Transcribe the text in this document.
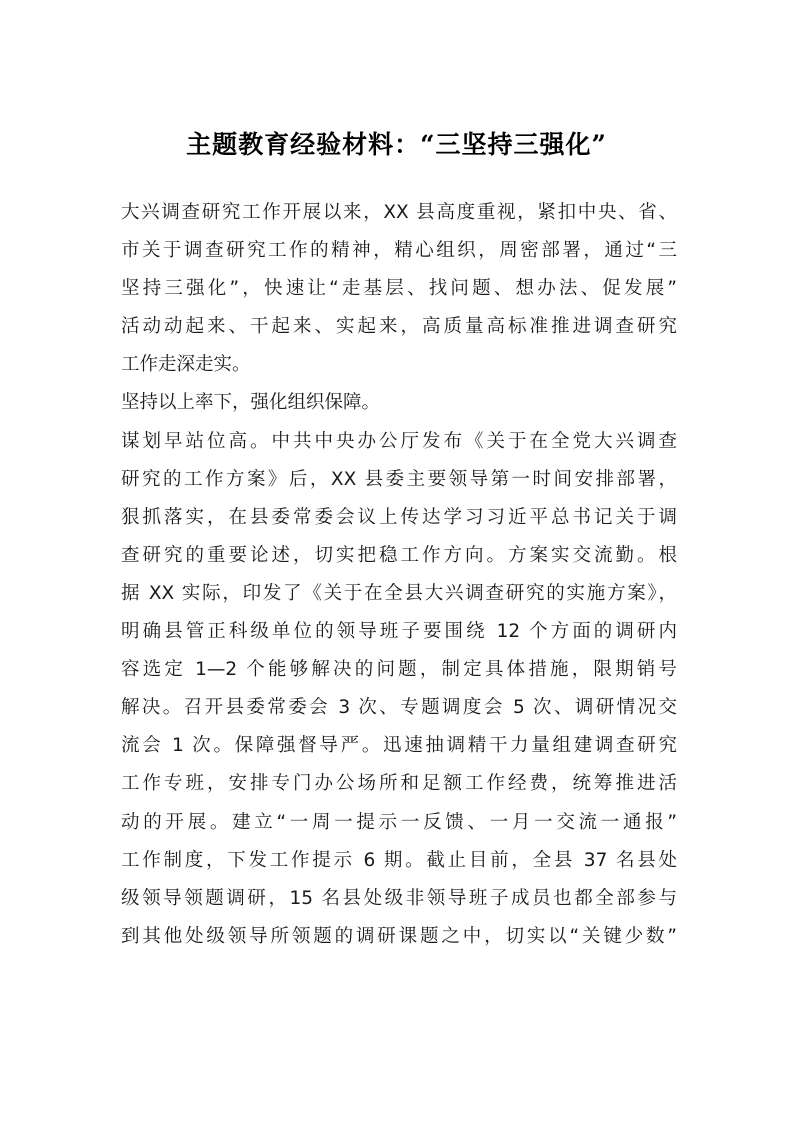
主题教育经验材料：“三坚持三强化”
大兴调查研究工作开展以来，XX 县高度重视，紧扣中央、省、
市关于调查研究工作的精神，精心组织，周密部署，通过“三
坚持三强化”，快速让“走基层、找问题、想办法、促发展”
活动动起来、干起来、实起来，高质量高标准推进调查研究
工作走深走实。
坚持以上率下，强化组织保障。
谋划早站位高。中共中央办公厅发布《关于在全党大兴调查
研究的工作方案》后，XX 县委主要领导第一时间安排部署，
狠抓落实，在县委常委会议上传达学习习近平总书记关于调
查研究的重要论述，切实把稳工作方向。方案实交流勤。根
据 XX 实际，印发了《关于在全县大兴调查研究的实施方案》，
明确县管正科级单位的领导班子要围绕 12 个方面的调研内
容选定 1—2 个能够解决的问题，制定具体措施，限期销号
解决。召开县委常委会 3 次、专题调度会 5 次、调研情况交
流会 1 次。保障强督导严。迅速抽调精干力量组建调查研究
工作专班，安排专门办公场所和足额工作经费，统筹推进活
动的开展。建立“一周一提示一反馈、一月一交流一通报”
工作制度，下发工作提示 6 期。截止目前，全县 37 名县处
级领导领题调研，15 名县处级非领导班子成员也都全部参与
到其他处级领导所领题的调研课题之中，切实以“关键少数”
